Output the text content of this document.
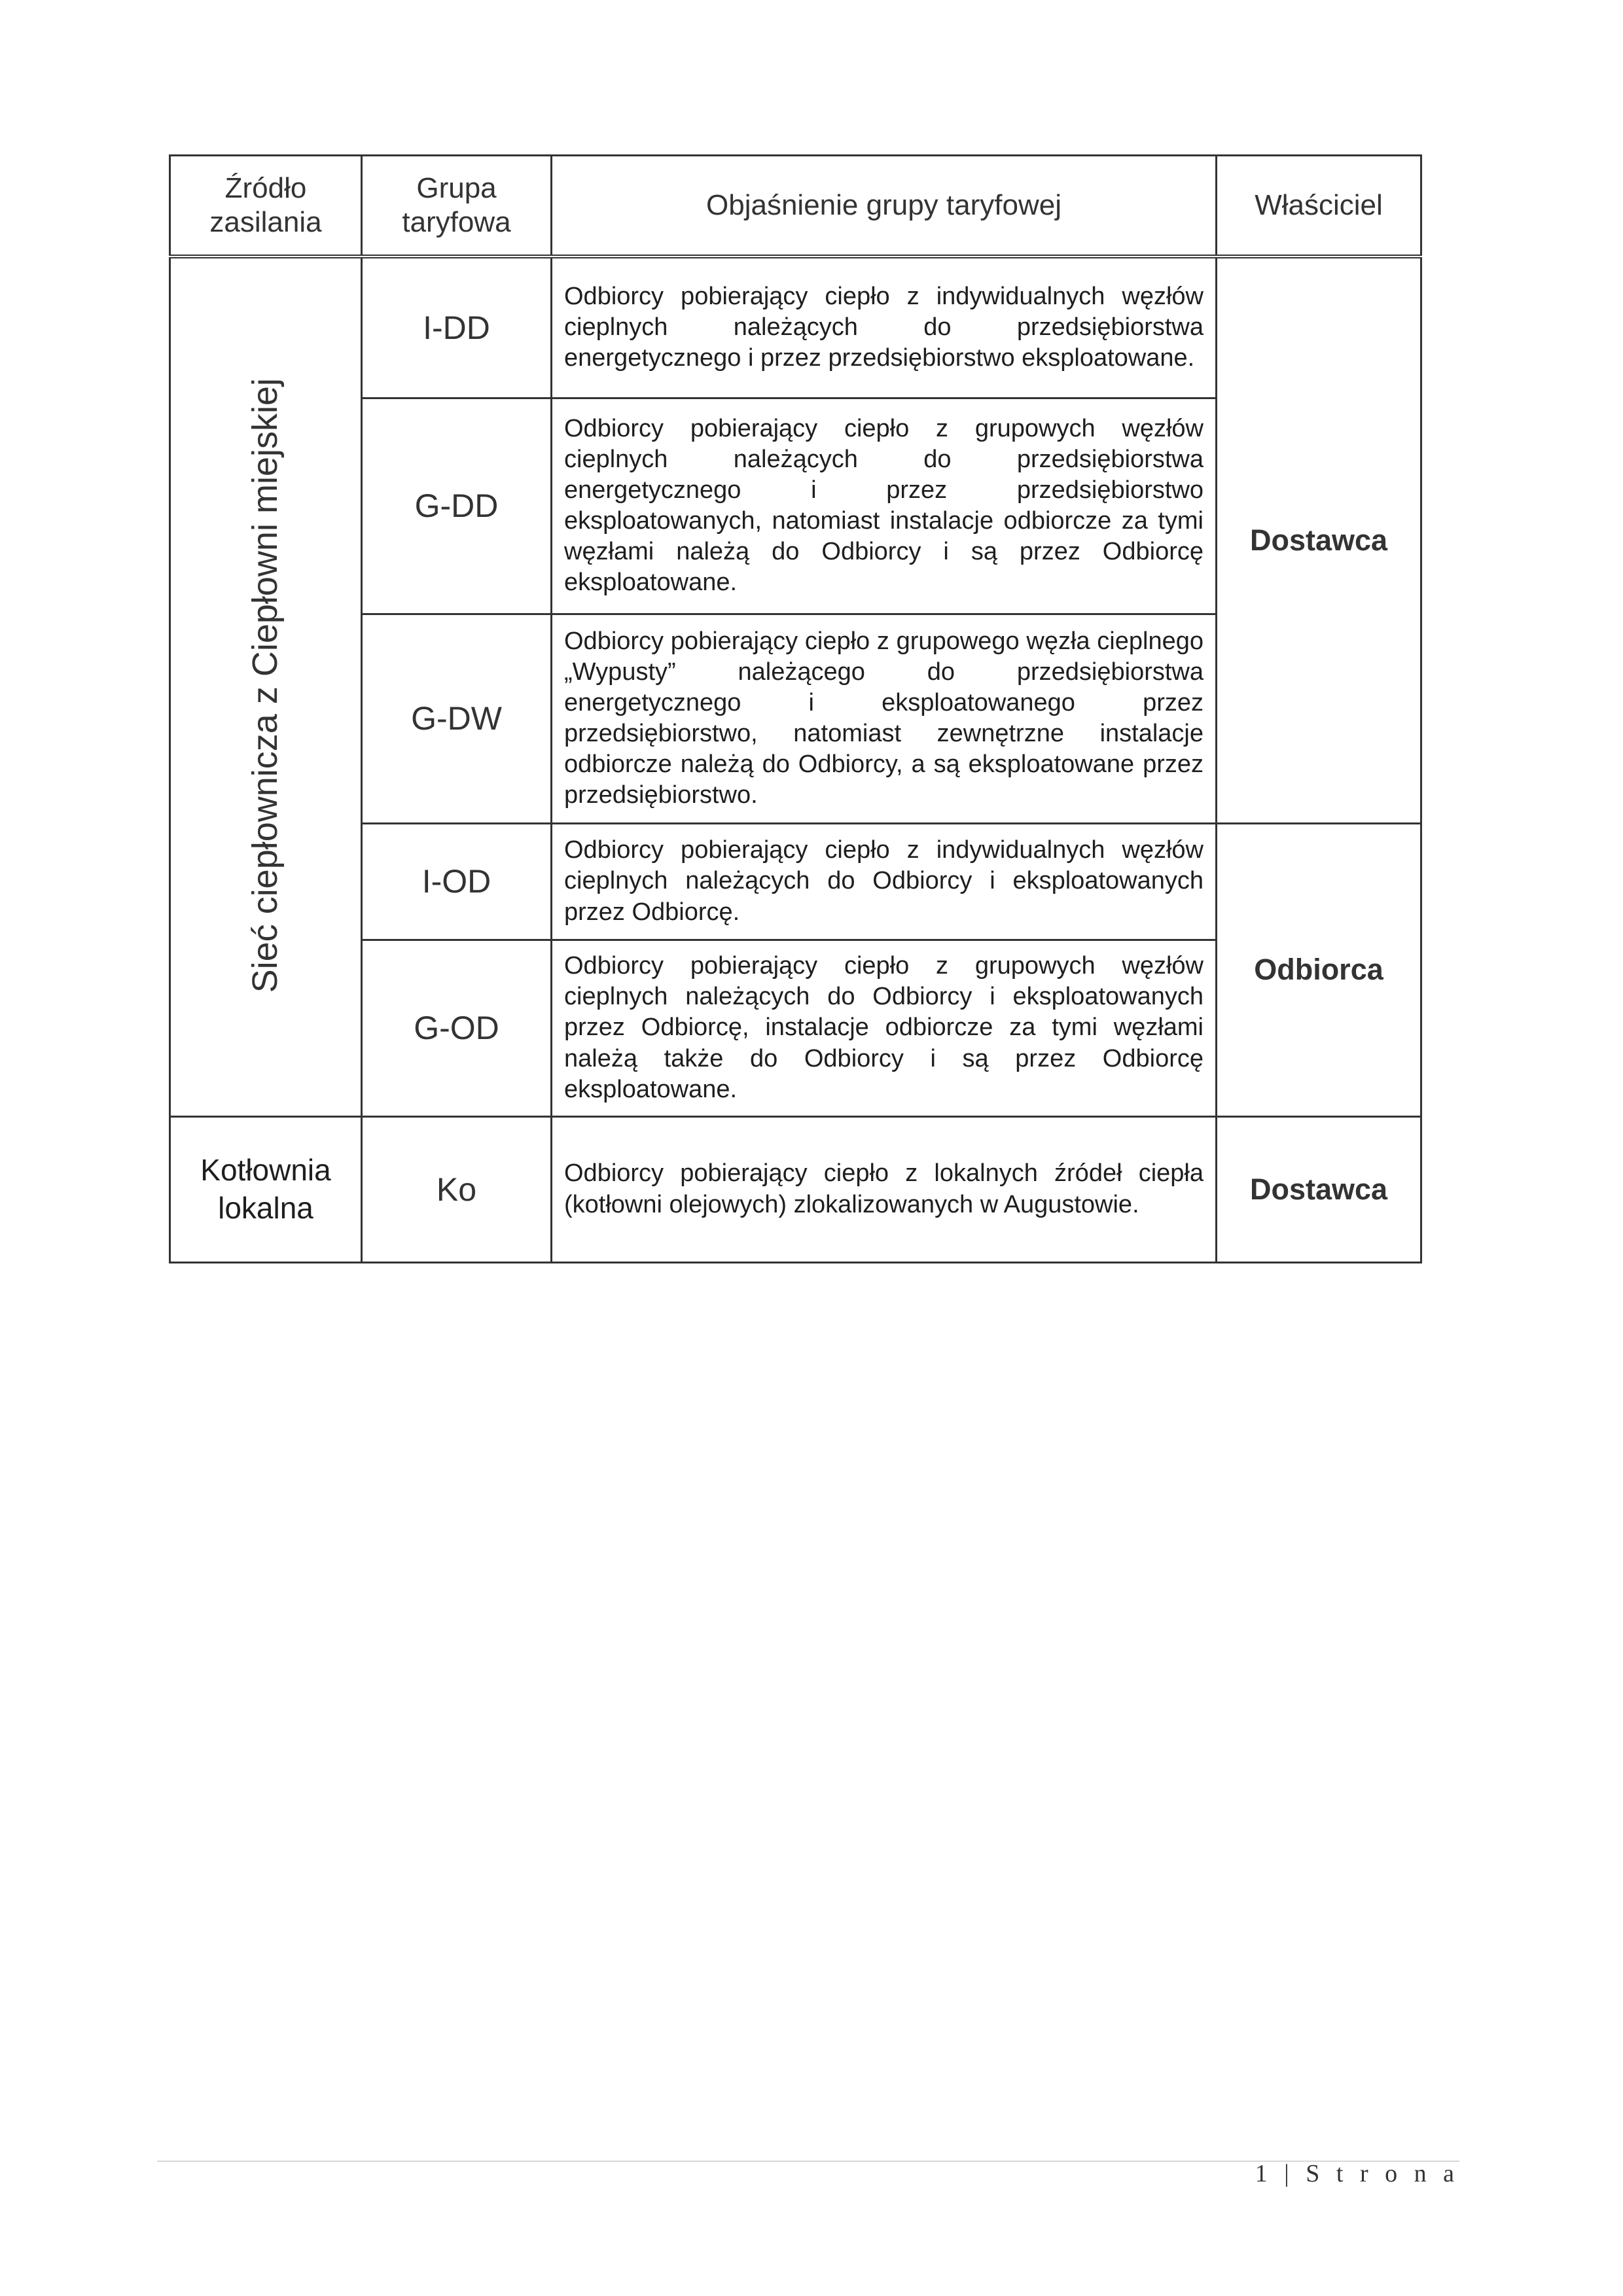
Źródło zasilania	Grupa taryfowa	Objaśnienie grupy taryfowej	Właściciel
Sieć ciepłownicza z Ciepłowni miejskiej	I-DD	Odbiorcy pobierający ciepło z indywidualnych węzłów cieplnych należących do przedsiębiorstwa energetycznego i przez przedsiębiorstwo eksploatowane.	Dostawca
	G-DD	Odbiorcy pobierający ciepło z grupowych węzłów cieplnych należących do przedsiębiorstwa energetycznego i przez przedsiębiorstwo eksploatowanych, natomiast instalacje odbiorcze za tymi węzłami należą do Odbiorcy i są przez Odbiorcę eksploatowane.	
	G-DW	Odbiorcy pobierający ciepło z grupowego węzła cieplnego „Wypusty” należącego do przedsiębiorstwa energetycznego i eksploatowanego przez przedsiębiorstwo, natomiast zewnętrzne instalacje odbiorcze należą do Odbiorcy, a są eksploatowane przez przedsiębiorstwo.	
	I-OD	Odbiorcy pobierający ciepło z indywidualnych węzłów cieplnych należących do Odbiorcy i eksploatowanych przez Odbiorcę.	Odbiorca
	G-OD	Odbiorcy pobierający ciepło z grupowych węzłów cieplnych należących do Odbiorcy i eksploatowanych przez Odbiorcę, instalacje odbiorcze za tymi węzłami należą także do Odbiorcy i są przez Odbiorcę eksploatowane.	
Kotłownia lokalna	Ko	Odbiorcy pobierający ciepło z lokalnych źródeł ciepła (kotłowni olejowych) zlokalizowanych w Augustowie.	Dostawca
1 | S t r o n a
